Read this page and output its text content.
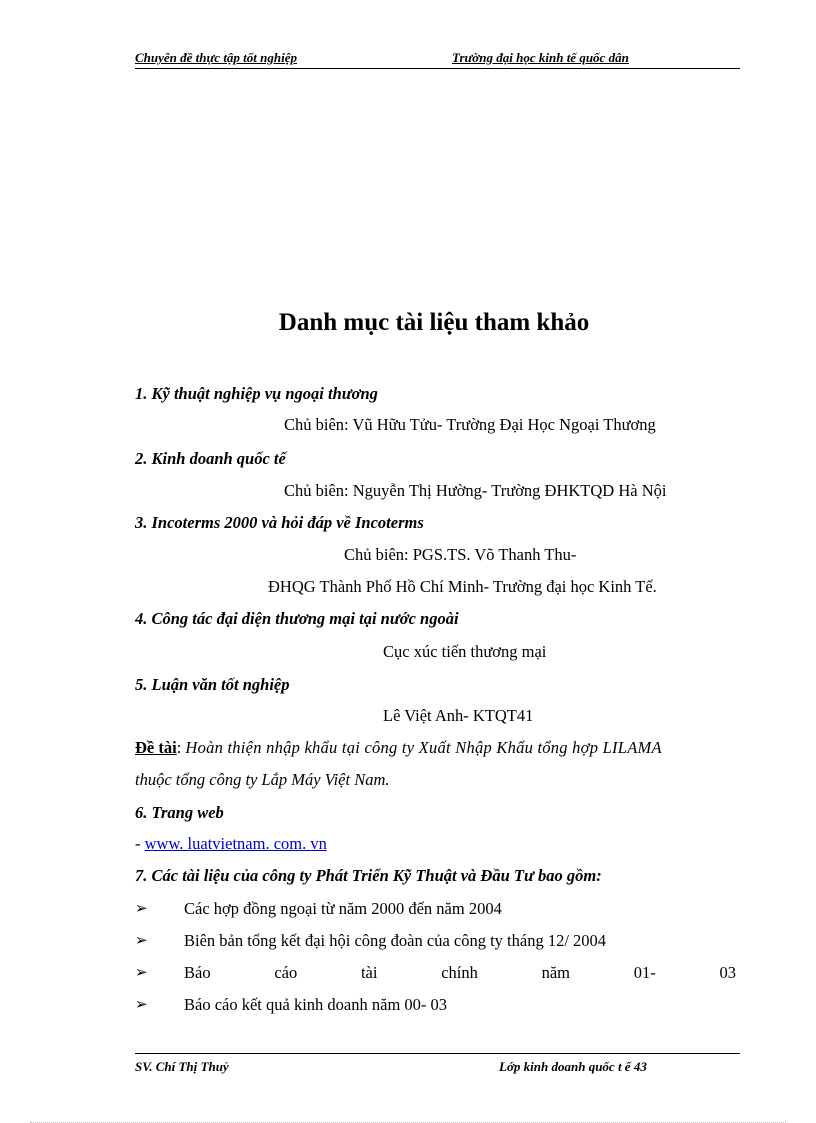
Chuyên đề thực tập tốt nghiệp	Trường đại học kinh tế quốc dân
Danh mục tài liệu tham khảo
1. Kỹ thuật nghiệp vụ ngoại thương
Chủ biên: Vũ Hữu Tửu- Trường Đại Học Ngoại Thương
2. Kinh doanh quốc tế
Chủ biên: Nguyễn Thị Hường- Trường ĐHKTQD Hà Nội
3. Incoterms 2000 và hỏi đáp về Incoterms
Chủ biên: PGS.TS. Võ Thanh Thu-
ĐHQG Thành Phố Hồ Chí Minh- Trường đại học Kinh Tế.
4. Công tác đại diện thương mại tại nước ngoài
Cục xúc tiến thương mại
5. Luận văn tốt nghiệp
Lê Việt Anh- KTQT41
Đề tài: Hoàn thiện nhập khẩu tại công ty Xuất Nhập Khẩu tổng hợp LILAMA
thuộc tổng công ty Lắp Máy Việt Nam.
6. Trang web
- www. luatvietnam. com. vn
7. Các tài liệu của công ty Phát Triển Kỹ Thuật và Đầu Tư bao gồm:
➢ Các hợp đồng ngoại từ năm 2000 đến năm 2004
➢ Biên bản tổng kết đại hội công đoàn của công ty tháng 12/ 2004
➢ Báo	cáo	tài	chính	năm	01-	03
➢ Báo cáo kết quả kinh doanh năm 00- 03
SV. Chí Thị Thuỷ	Lớp kinh doanh quốc t ế 43
